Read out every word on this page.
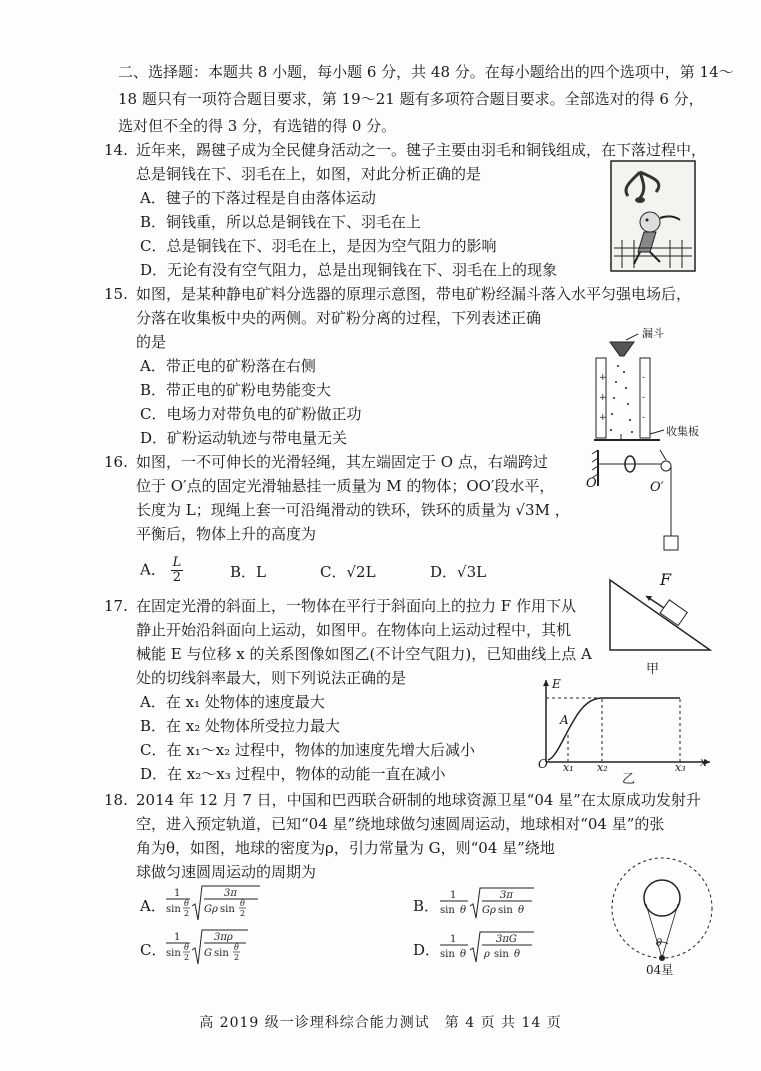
二、选择题：本题共 8 小题，每小题 6 分，共 48 分。在每小题给出的四个选项中，第 14～
18 题只有一项符合题目要求，第 19～21 题有多项符合题目要求。全部选对的得 6 分，
选对但不全的得 3 分，有选错的得 0 分。
14. 近年来，踢毽子成为全民健身活动之一。毽子主要由羽毛和铜钱组成，在下落过程中，
总是铜钱在下、羽毛在上，如图，对此分析正确的是
A．毽子的下落过程是自由落体运动
B．铜钱重，所以总是铜钱在下、羽毛在上
C．总是铜钱在下、羽毛在上，是因为空气阻力的影响
D．无论有没有空气阻力，总是出现铜钱在下、羽毛在上的现象
15. 如图，是某种静电矿料分选器的原理示意图，带电矿粉经漏斗落入水平匀强电场后，
分落在收集板中央的两侧。对矿粉分离的过程，下列表述正确
的是
A．带正电的矿粉落在右侧
B．带正电的矿粉电势能变大
C．电场力对带负电的矿粉做正功
D．矿粉运动轨迹与带电量无关
+
+
+
-
-
-
漏斗
收集板
16. 如图，一不可伸长的光滑轻绳，其左端固定于 O 点，右端跨过
位于 O′点的固定光滑轴悬挂一质量为 M 的物体；OO′段水平，
长度为 L；现绳上套一可沿绳滑动的铁环，铁环的质量为 √3M ，
平衡后，物体上升的高度为
A． $\frac{L}{2}$	B．L	C．√2L	D．√3L
O	O′
17. 在固定光滑的斜面上，一物体在平行于斜面向上的拉力 F 作用下从
静止开始沿斜面向上运动，如图甲。在物体向上运动过程中，其机
械能 E 与位移 x 的关系图像如图乙(不计空气阻力)，已知曲线上点 A
处的切线斜率最大，则下列说法正确的是
A．在 x₁ 处物体的速度最大
B．在 x₂ 处物体所受拉力最大
C．在 x₁～x₂ 过程中，物体的加速度先增大后减小
D．在 x₂～x₃ 过程中，物体的动能一直在减小
F
甲
E
O
A
x₁ x₂	x₃ x
乙
18. 2014 年 12 月 7 日，中国和巴西联合研制的地球资源卫星“04 星”在太原成功发射升
空，进入预定轨道，已知“04 星”绕地球做匀速圆周运动，地球相对“04 星”的张
角为θ，如图，地球的密度为ρ，引力常量为 G，则“04 星”绕地
球做匀速圆周运动的周期为
A．
1
sin
θ
2
3π
Gρ sin
θ
2	B．
1
sin θ
3π
Gρ sin θ
C．
1
sin
θ
2
3πρ
G sin
θ
2	D．
1
sin θ
3πG
ρ sin θ
θ
04星
高 2019 级一诊理科综合能力测试　第 4 页 共 14 页
